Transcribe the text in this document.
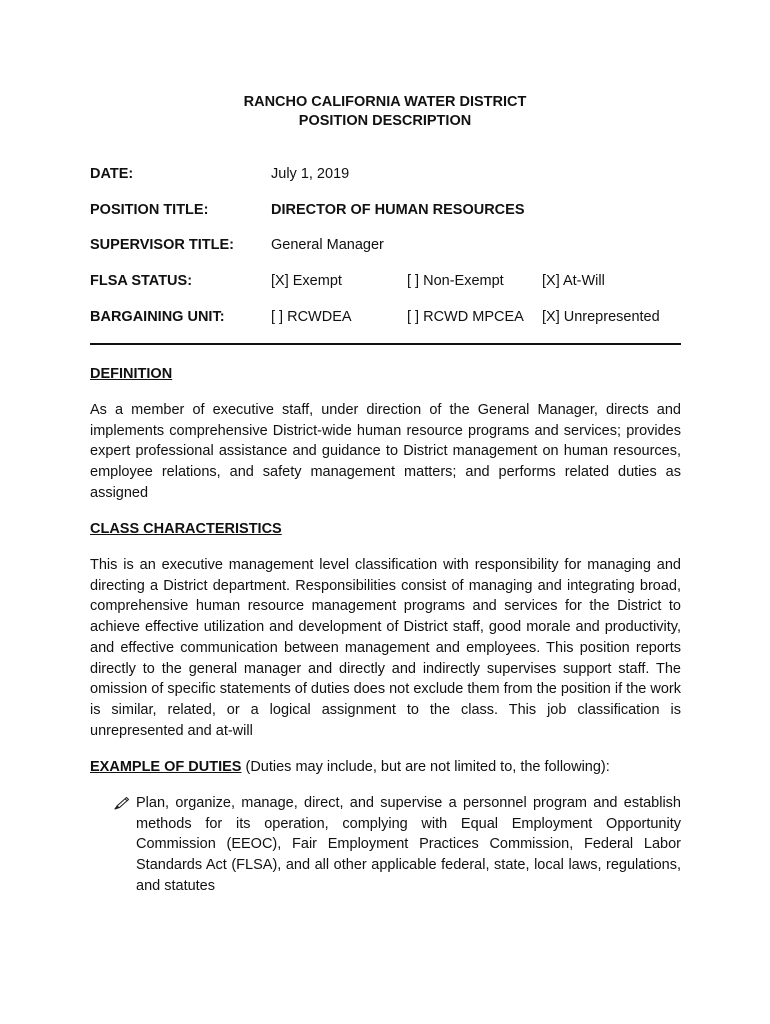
RANCHO CALIFORNIA WATER DISTRICT
POSITION DESCRIPTION
DATE:	July 1, 2019
POSITION TITLE:	DIRECTOR OF HUMAN RESOURCES
SUPERVISOR TITLE:	General Manager
FLSA STATUS:	[X] Exempt	[ ] Non-Exempt	[X] At-Will
BARGAINING UNIT:	[ ] RCWDEA	[ ] RCWD MPCEA [X] Unrepresented
DEFINITION

As a member of executive staff, under direction of the General Manager, directs and implements comprehensive District-wide human resource programs and services; provides expert professional assistance and guidance to District management on human resources, employee relations, and safety management matters; and performs related duties as assigned

CLASS CHARACTERISTICS

This is an executive management level classification with responsibility for managing and directing a District department. Responsibilities consist of managing and integrating broad, comprehensive human resource management programs and services for the District to achieve effective utilization and development of District staff, good morale and productivity, and effective communication between management and employees. This position reports directly to the general manager and directly and indirectly supervises support staff. The omission of specific statements of duties does not exclude them from the position if the work is similar, related, or a logical assignment to the class. This job classification is unrepresented and at-will

EXAMPLE OF DUTIES (Duties may include, but are not limited to, the following):
Plan, organize, manage, direct, and supervise a personnel program and establish methods for its operation, complying with Equal Employment Opportunity Commission (EEOC), Fair Employment Practices Commission, Federal Labor Standards Act (FLSA), and all other applicable federal, state, local laws, regulations, and statutes
